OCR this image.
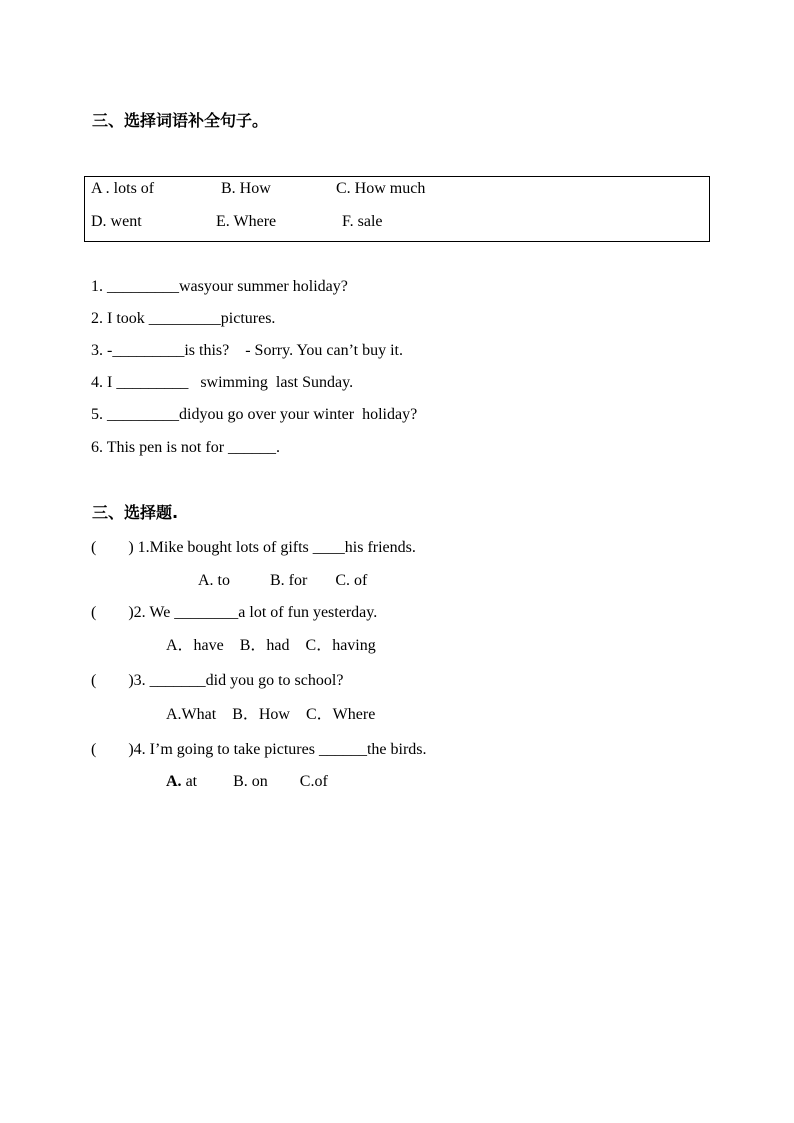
三、选择词语补全句子。
A . lots of	B. How	C. How much
D. went	E. Where	F. sale
1. _________wasyour summer holiday?
2. I took _________pictures.
3. -_________is this?    - Sorry. You can’t buy it.
4. I _________   swimming  last Sunday.
5. _________didyou go over your winter  holiday?
6. This pen is not for ______.
三、选择题.
(        ) 1.Mike bought lots of gifts ____his friends.
A. to          B. for       C. of
(        )2. We ________a lot of fun yesterday.
A．have    B．had    C．having
(        )3. _______did you go to school?
A.What    B．How    C．Where
(        )4. I’m going to take pictures ______the birds.
A. at         B. on        C.of
